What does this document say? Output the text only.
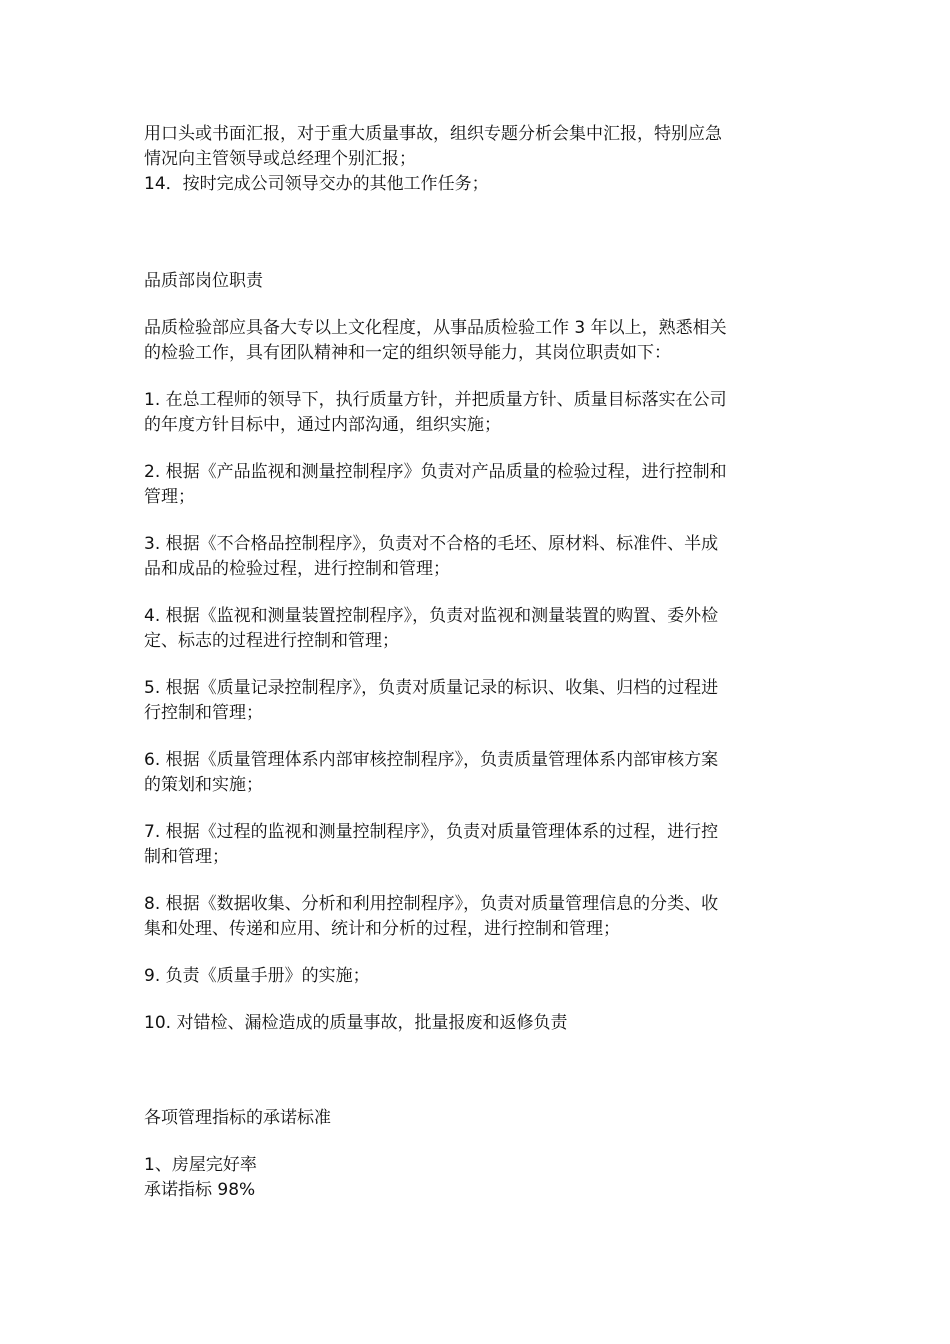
用口头或书面汇报，对于重大质量事故，组织专题分析会集中汇报，特别应急
情况向主管领导或总经理个别汇报；
14．按时完成公司领导交办的其他工作任务；
品质部岗位职责
品质检验部应具备大专以上文化程度，从事品质检验工作 3 年以上，熟悉相关
的检验工作，具有团队精神和一定的组织领导能力，其岗位职责如下：
1. 在总工程师的领导下，执行质量方针，并把质量方针、质量目标落实在公司
的年度方针目标中，通过内部沟通，组织实施；
2. 根据《产品监视和测量控制程序》负责对产品质量的检验过程，进行控制和
管理；
3. 根据《不合格品控制程序》，负责对不合格的毛坯、原材料、标准件、半成
品和成品的检验过程，进行控制和管理；
4. 根据《监视和测量装置控制程序》，负责对监视和测量装置的购置、委外检
定、标志的过程进行控制和管理；
5. 根据《质量记录控制程序》，负责对质量记录的标识、收集、归档的过程进
行控制和管理；
6. 根据《质量管理体系内部审核控制程序》，负责质量管理体系内部审核方案
的策划和实施；
7. 根据《过程的监视和测量控制程序》，负责对质量管理体系的过程，进行控
制和管理；
8. 根据《数据收集、分析和利用控制程序》，负责对质量管理信息的分类、收
集和处理、传递和应用、统计和分析的过程，进行控制和管理；
9. 负责《质量手册》的实施；
10. 对错检、漏检造成的质量事故，批量报废和返修负责
各项管理指标的承诺标准
1、房屋完好率
承诺指标 98%
